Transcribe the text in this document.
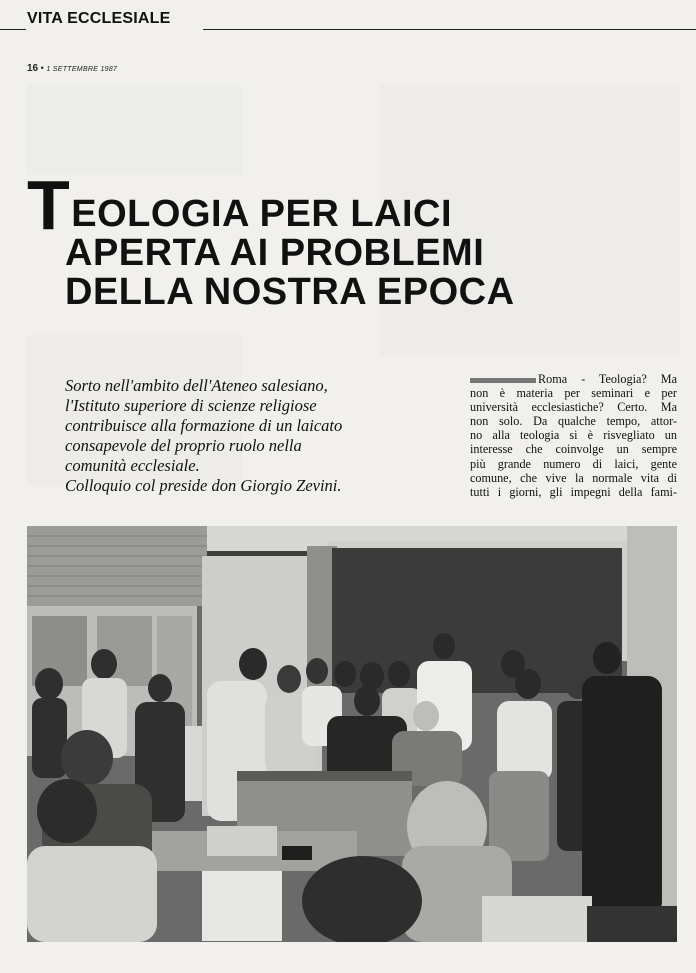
VITA ECCLESIALE
16 • 1 SETTEMBRE 1987
T EOLOGIA PER LAICI
APERTA AI PROBLEMI
DELLA NOSTRA EPOCA

Sorto nell'ambito dell'Ateneo salesiano,

l'Istituto superiore di scienze religiose

contribuisce alla formazione di un laicato

consapevole del proprio ruolo nella

comunità ecclesiale.

Colloquio col preside don Giorgio Zevini.

Roma - Teologia? Ma
non è materia per seminari e per
università ecclesiastiche? Certo. Ma
non solo. Da qualche tempo, attor-
no alla teologia si è risvegliato un
interesse che coinvolge un sempre
più grande numero di laici, gente
comune, che vive la normale vita di
tutti i giorni, gli impegni della fami-
